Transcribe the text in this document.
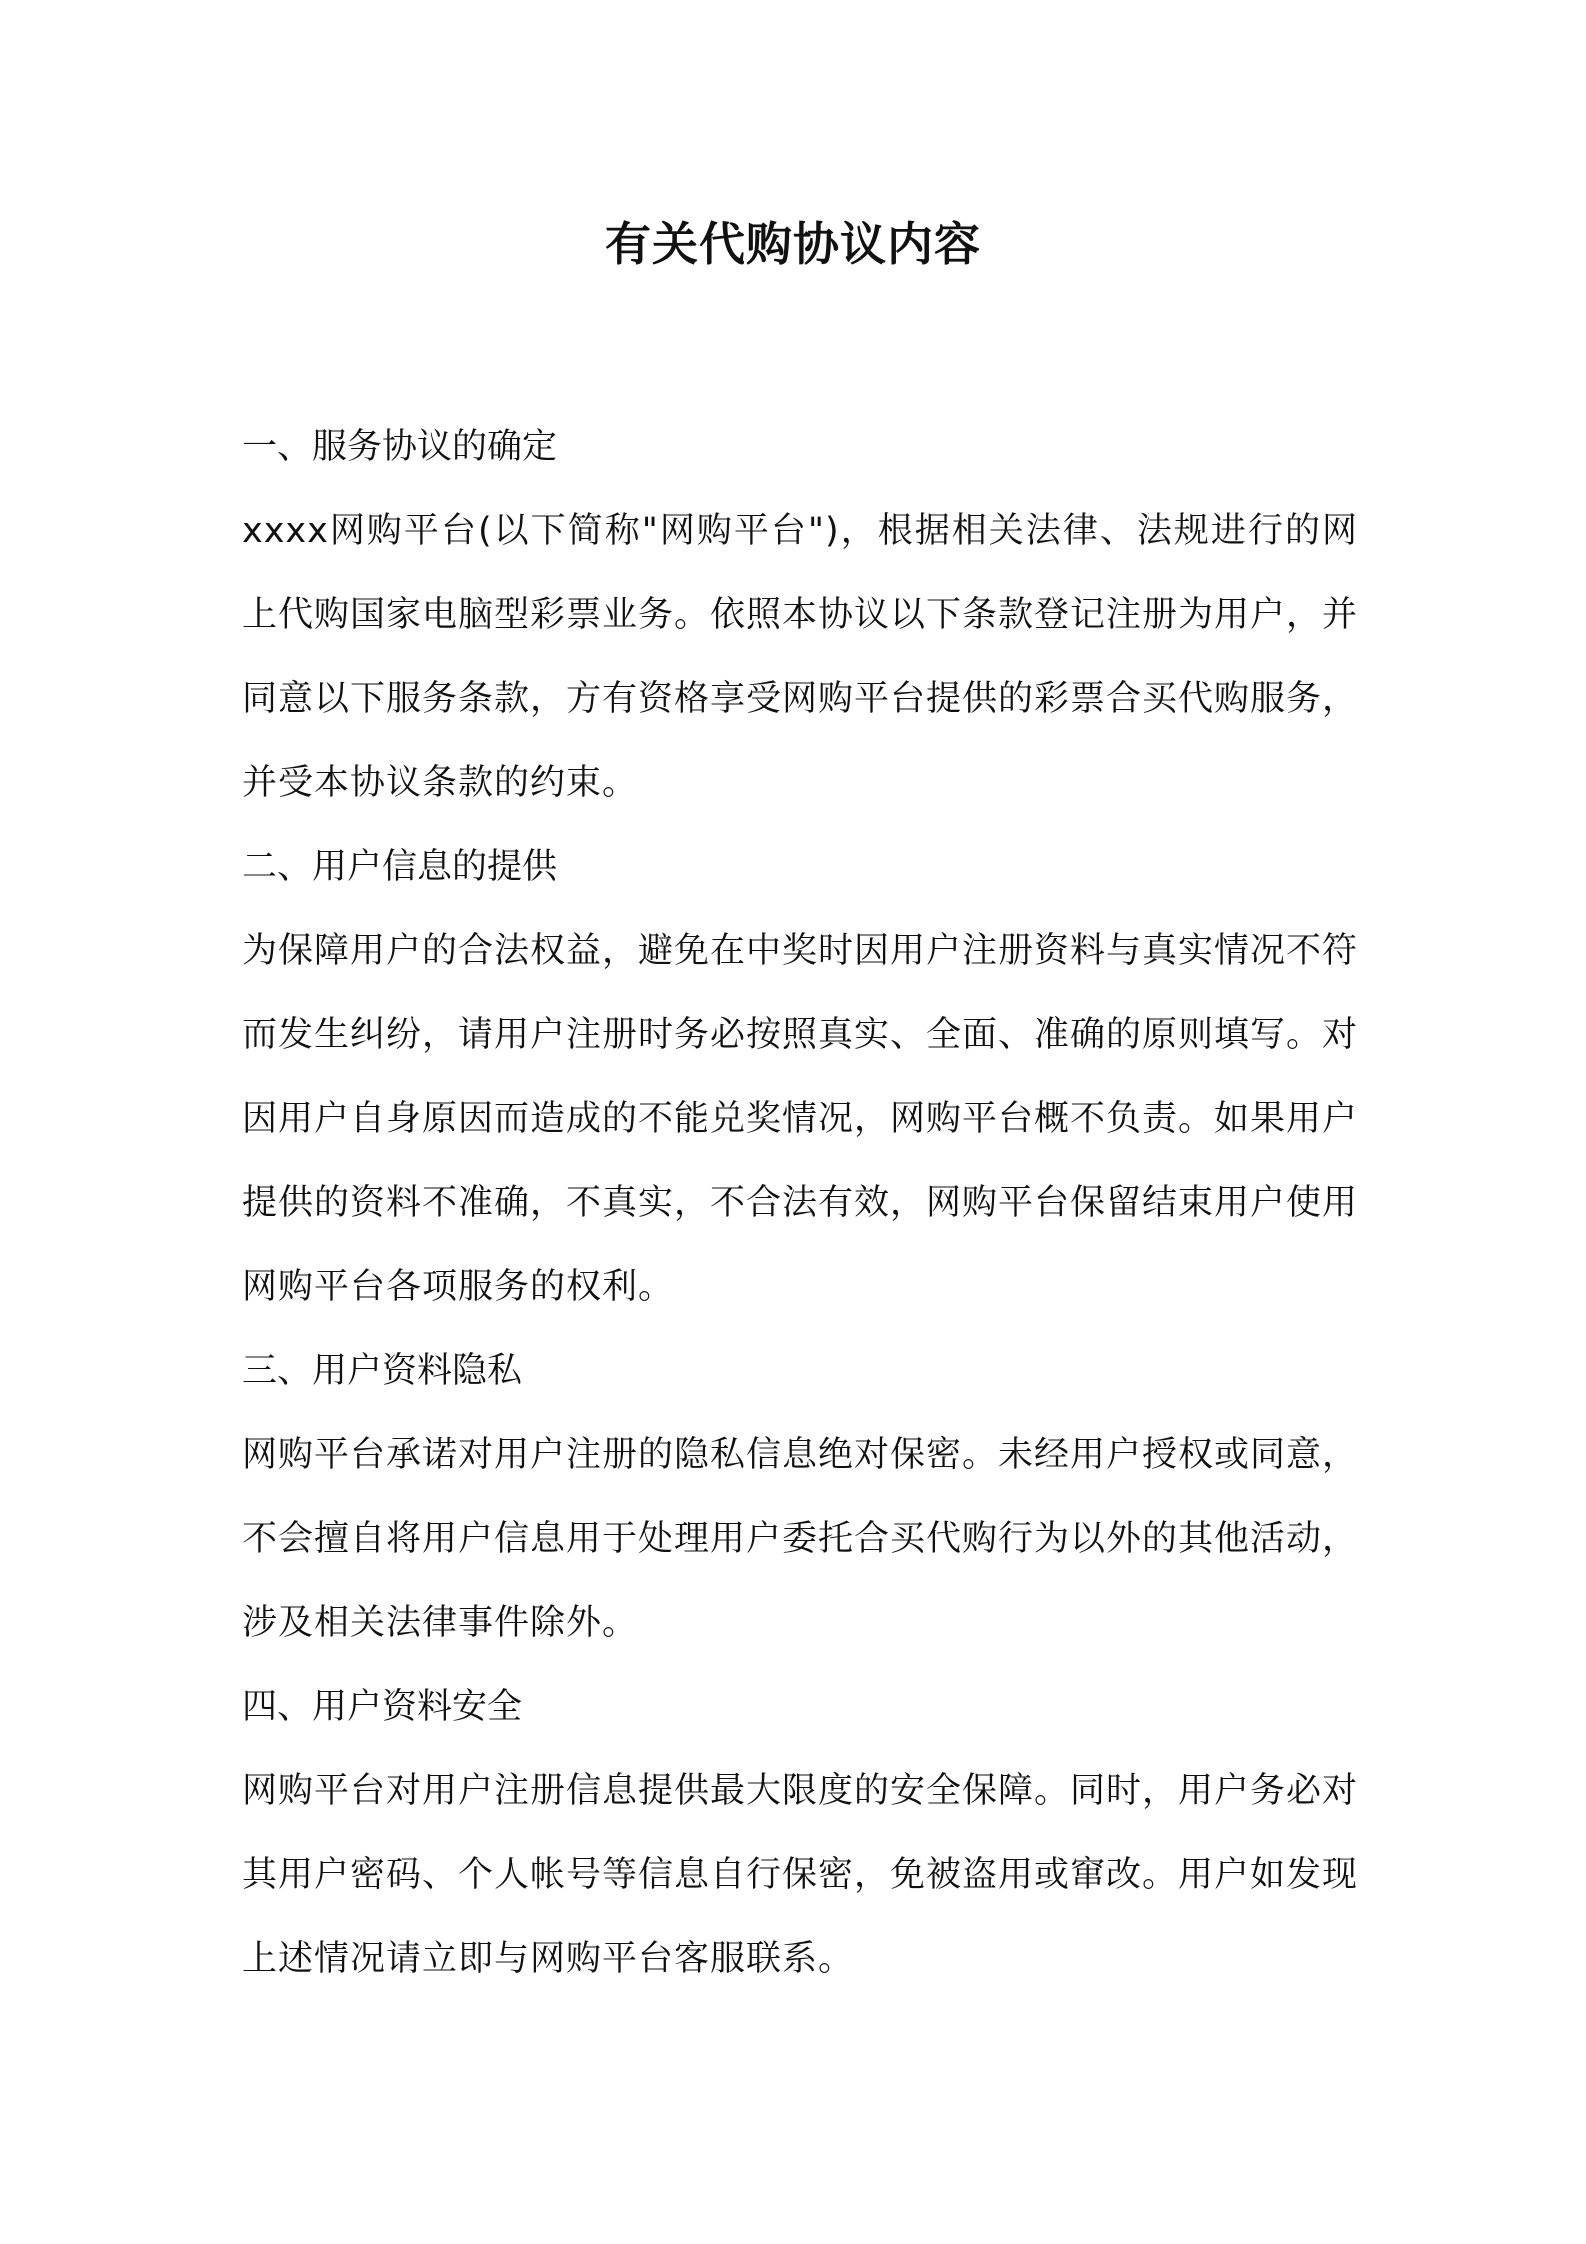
有关代购协议内容

一、服务协议的确定

xxxx网购平台(以下简称"网购平台")，根据相关法律、法规进行的网上代购国家电脑型彩票业务。依照本协议以下条款登记注册为用户，并同意以下服务条款，方有资格享受网购平台提供的彩票合买代购服务，并受本协议条款的约束。

二、用户信息的提供

为保障用户的合法权益，避免在中奖时因用户注册资料与真实情况不符而发生纠纷，请用户注册时务必按照真实、全面、准确的原则填写。对因用户自身原因而造成的不能兑奖情况，网购平台概不负责。如果用户提供的资料不准确，不真实，不合法有效，网购平台保留结束用户使用网购平台各项服务的权利。

三、用户资料隐私

网购平台承诺对用户注册的隐私信息绝对保密。未经用户授权或同意，不会擅自将用户信息用于处理用户委托合买代购行为以外的其他活动，涉及相关法律事件除外。

四、用户资料安全

网购平台对用户注册信息提供最大限度的安全保障。同时，用户务必对其用户密码、个人帐号等信息自行保密，免被盗用或窜改。用户如发现上述情况请立即与网购平台客服联系。
